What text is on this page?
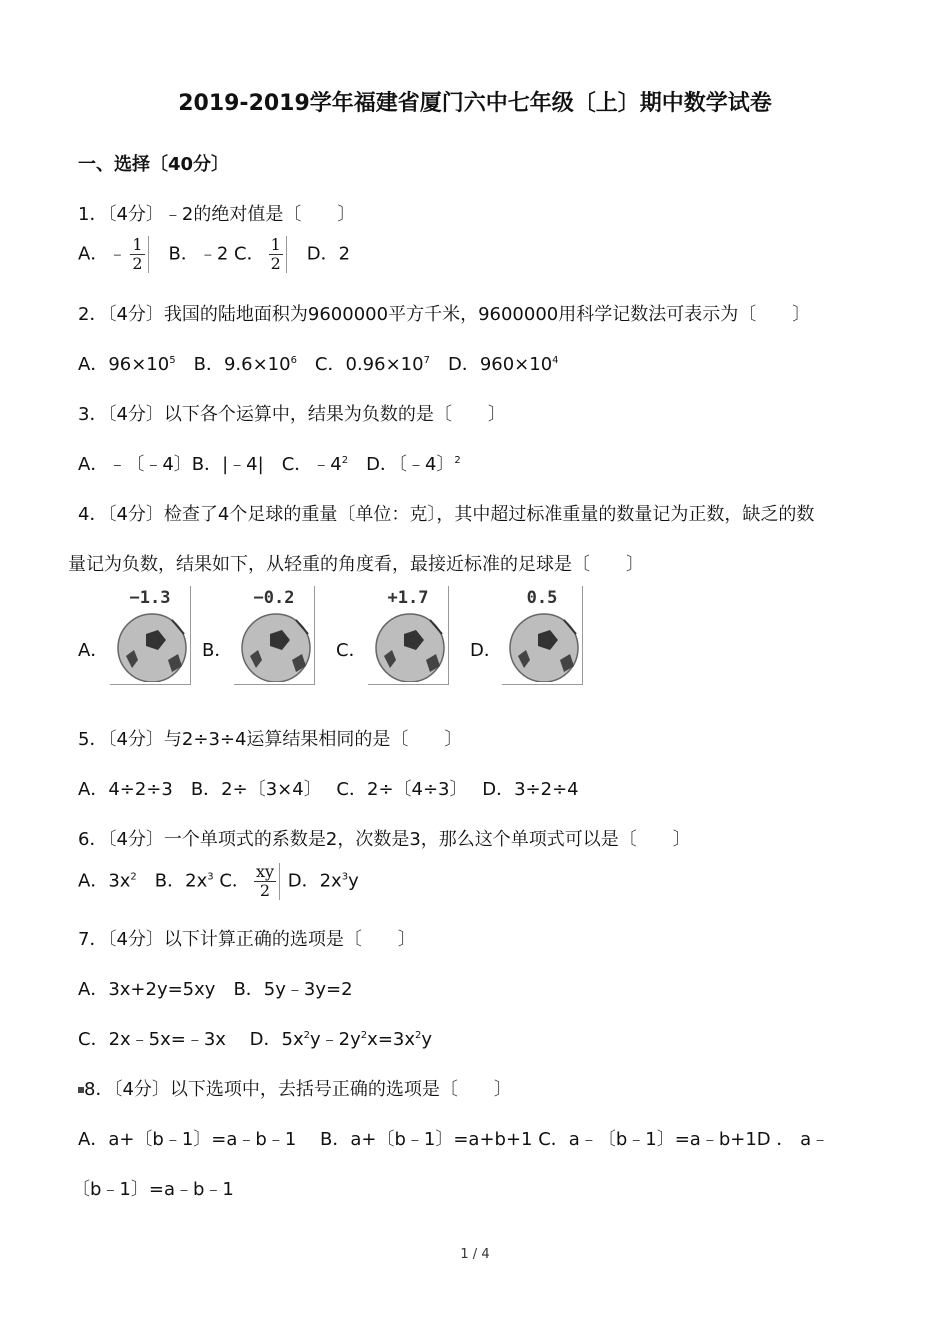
2019-2019学年福建省厦门六中七年级〔上〕期中数学试卷
一、选择〔40分〕
1．〔4分〕﹣2的绝对值是〔　　〕
A．﹣ $\frac{1}{2}$ 　B．﹣2 C． $\frac{1}{2}$ 　D．2
2．〔4分〕我国的陆地面积为9600000平方千米，9600000用科学记数法可表示为〔　　〕
A．$96\times 10^5$　B．$9.6\times 10^6$　C．$0.96\times 10^7$　D．$960\times 10^4$
3．〔4分〕以下各个运算中，结果为负数的是〔　　〕
A．﹣〔﹣4〕B．|﹣4|　C．$﹣4^2$　D．〔﹣4〕$^2$
4．〔4分〕检查了4个足球的重量〔单位：克〕，其中超过标准重量的数量记为正数，缺乏的数
量记为负数，结果如下，从轻重的角度看，最接近标准的足球是〔　　〕
A．
−1.3
B．
−0.2
C．
+1.7
D．
0.5
5．〔4分〕与2÷3÷4运算结果相同的是〔　　〕
A．4÷2÷3　B．2÷〔3×4〕　 C．2÷〔4÷3〕　 D．3÷2÷4
6．〔4分〕一个单项式的系数是2，次数是3，那么这个单项式可以是〔　　〕
A．$3x^2$　B．$2x^3$ C． $\frac{xy}{2}$ D．$2x^3y$
7．〔4分〕以下计算正确的选项是〔　　〕
A．3x+2y=5xy　B．5y﹣3y=2
C．2x﹣5x=﹣3x　 D．$5x^2y﹣2y^2x=3x^2y$
8．〔4分〕以下选项中，去括号正确的选项是〔　　〕
A．a+〔b﹣1〕=a﹣b﹣1　 B．a+〔b﹣1〕=a+b+1 C．a﹣〔b﹣1〕=a﹣b+1D ． a﹣
〔b﹣1〕=a﹣b﹣1
1 / 4
